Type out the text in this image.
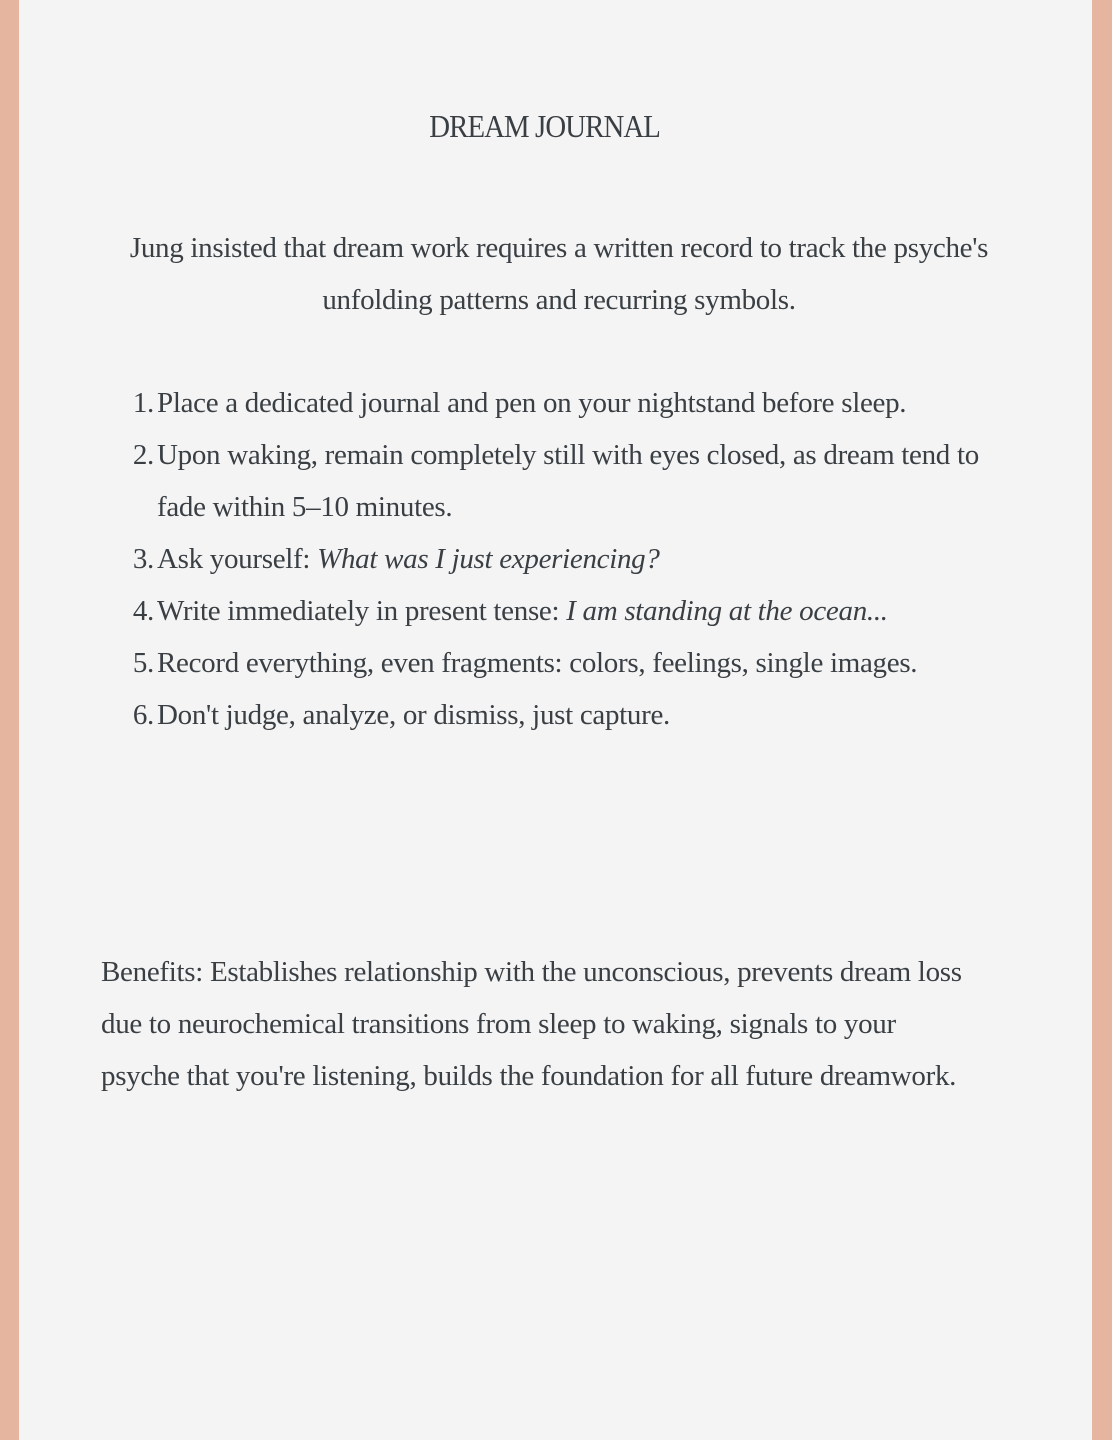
DREAM JOURNAL
Jung insisted that dream work requires a written record to track the psyche's unfolding patterns and recurring symbols.
1. Place a dedicated journal and pen on your nightstand before sleep.
2. Upon waking, remain completely still with eyes closed, as dream tend to fade within 5–10 minutes.
3. Ask yourself: What was I just experiencing?
4. Write immediately in present tense: I am standing at the ocean...
5. Record everything, even fragments: colors, feelings, single images.
6. Don't judge, analyze, or dismiss, just capture.
Benefits: Establishes relationship with the unconscious, prevents dream loss due to neurochemical transitions from sleep to waking, signals to your psyche that you're listening, builds the foundation for all future dreamwork.
